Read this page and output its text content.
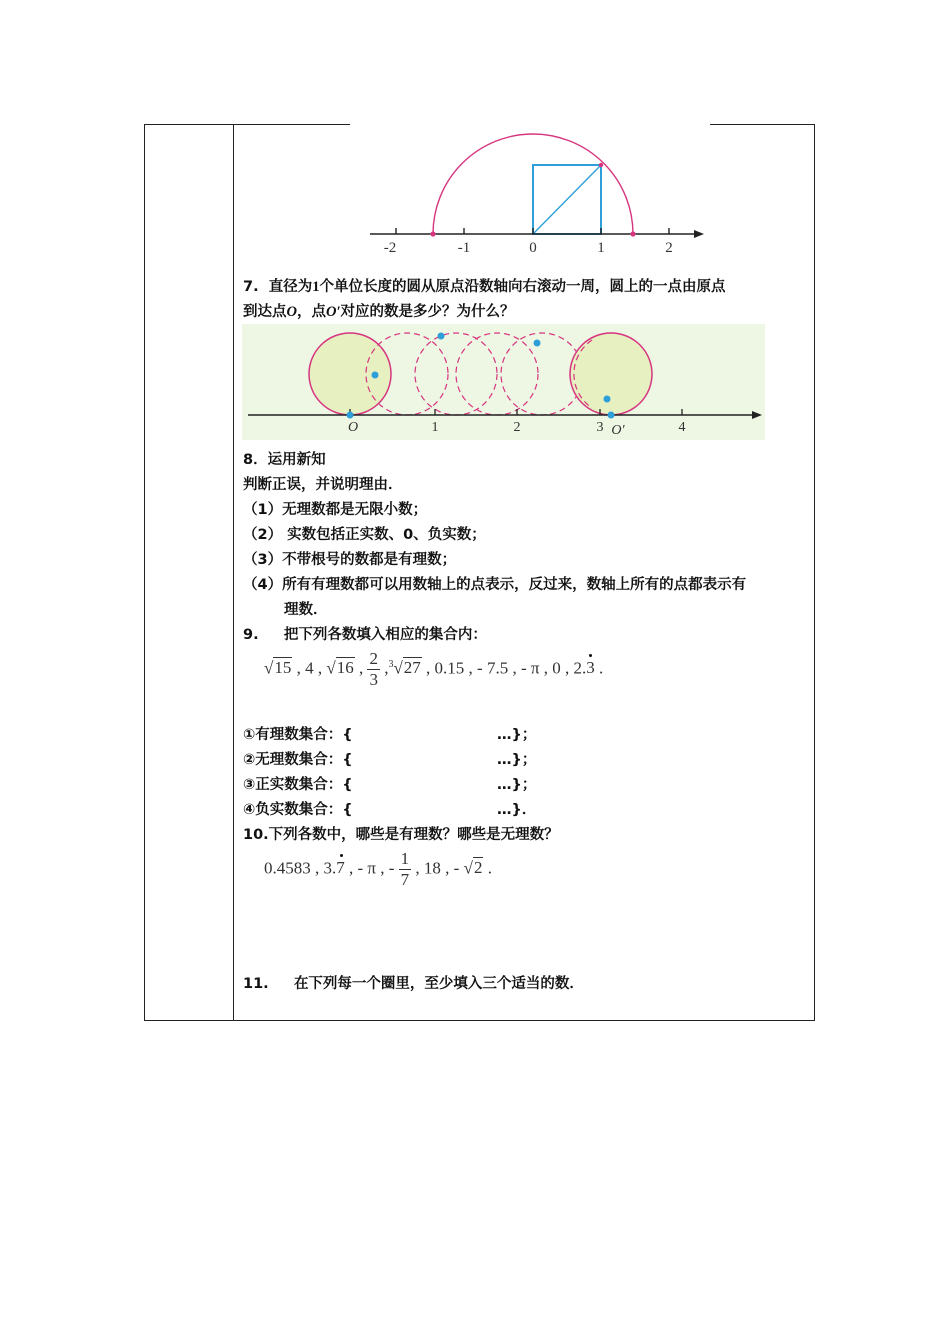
-2	-1	0	1	2
7. 直径为1个单位长度的圆从原点沿数轴向右滚动一周，圆上的一点由原点
到达点O，点O′对应的数是多少？为什么？
O	1	2	3 O′	4
8．运用新知
判断正误，并说明理由．
（1）无理数都是无限小数；
（2） 实数包括正实数、0、负实数；
（3）不带根号的数都是有理数；
（4）所有有理数都可以用数轴上的点表示，反过来，数轴上所有的点都表示有
理数．
9. 把下列各数填入相应的集合内：
√15 , 4 , √16 , $\frac{2}{3} ,^3√27$ , 0.15 , - 7.5 , - π , 0 , 2.3 .
①有理数集合：{	…}；
②无理数集合：{	…}；
③正实数集合：{	…}；
④负实数集合：{	…}．
10.下列各数中，哪些是有理数？哪些是无理数？
0.4583 , 3.7 , - π , - $\frac{1}{7}$ , 18 , - √2 .
11. 在下列每一个圈里，至少填入三个适当的数．
